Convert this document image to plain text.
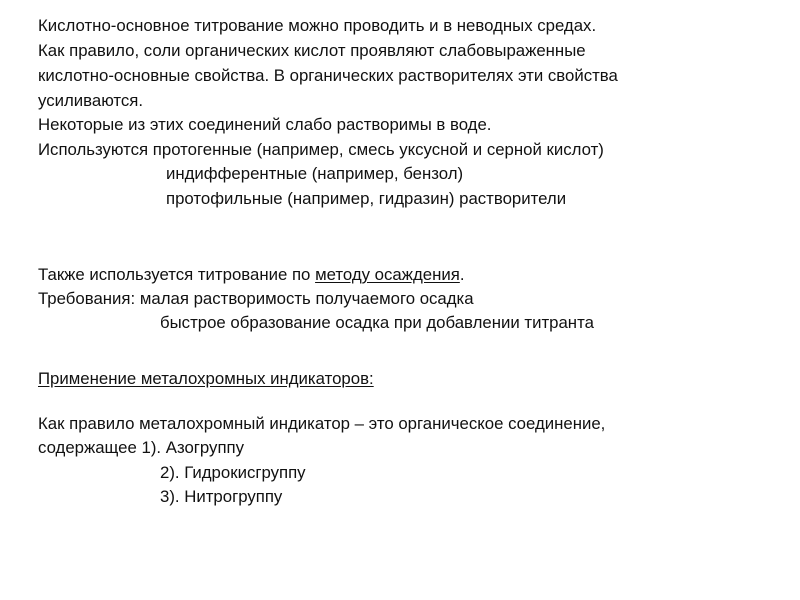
Кислотно-основное титрование можно проводить и в неводных средах.
Как правило, соли органических кислот проявляют слабовыраженные
кислотно-основные свойства. В органических растворителях эти свойства
усиливаются.
Некоторые из этих соединений слабо растворимы в воде.
Используются протогенные (например, смесь уксусной и серной кислот)
индифферентные (например, бензол)
протофильные (например, гидразин) растворители
Также используется титрование по методу осаждения.
Требования: малая растворимость получаемого осадка
быстрое образование осадка при добавлении титранта
Применение металохромных индикаторов:
Как правило металохромный индикатор – это органическое соединение,
содержащее 1). Азогруппу
2). Гидрокисгруппу
3). Нитрогруппу
